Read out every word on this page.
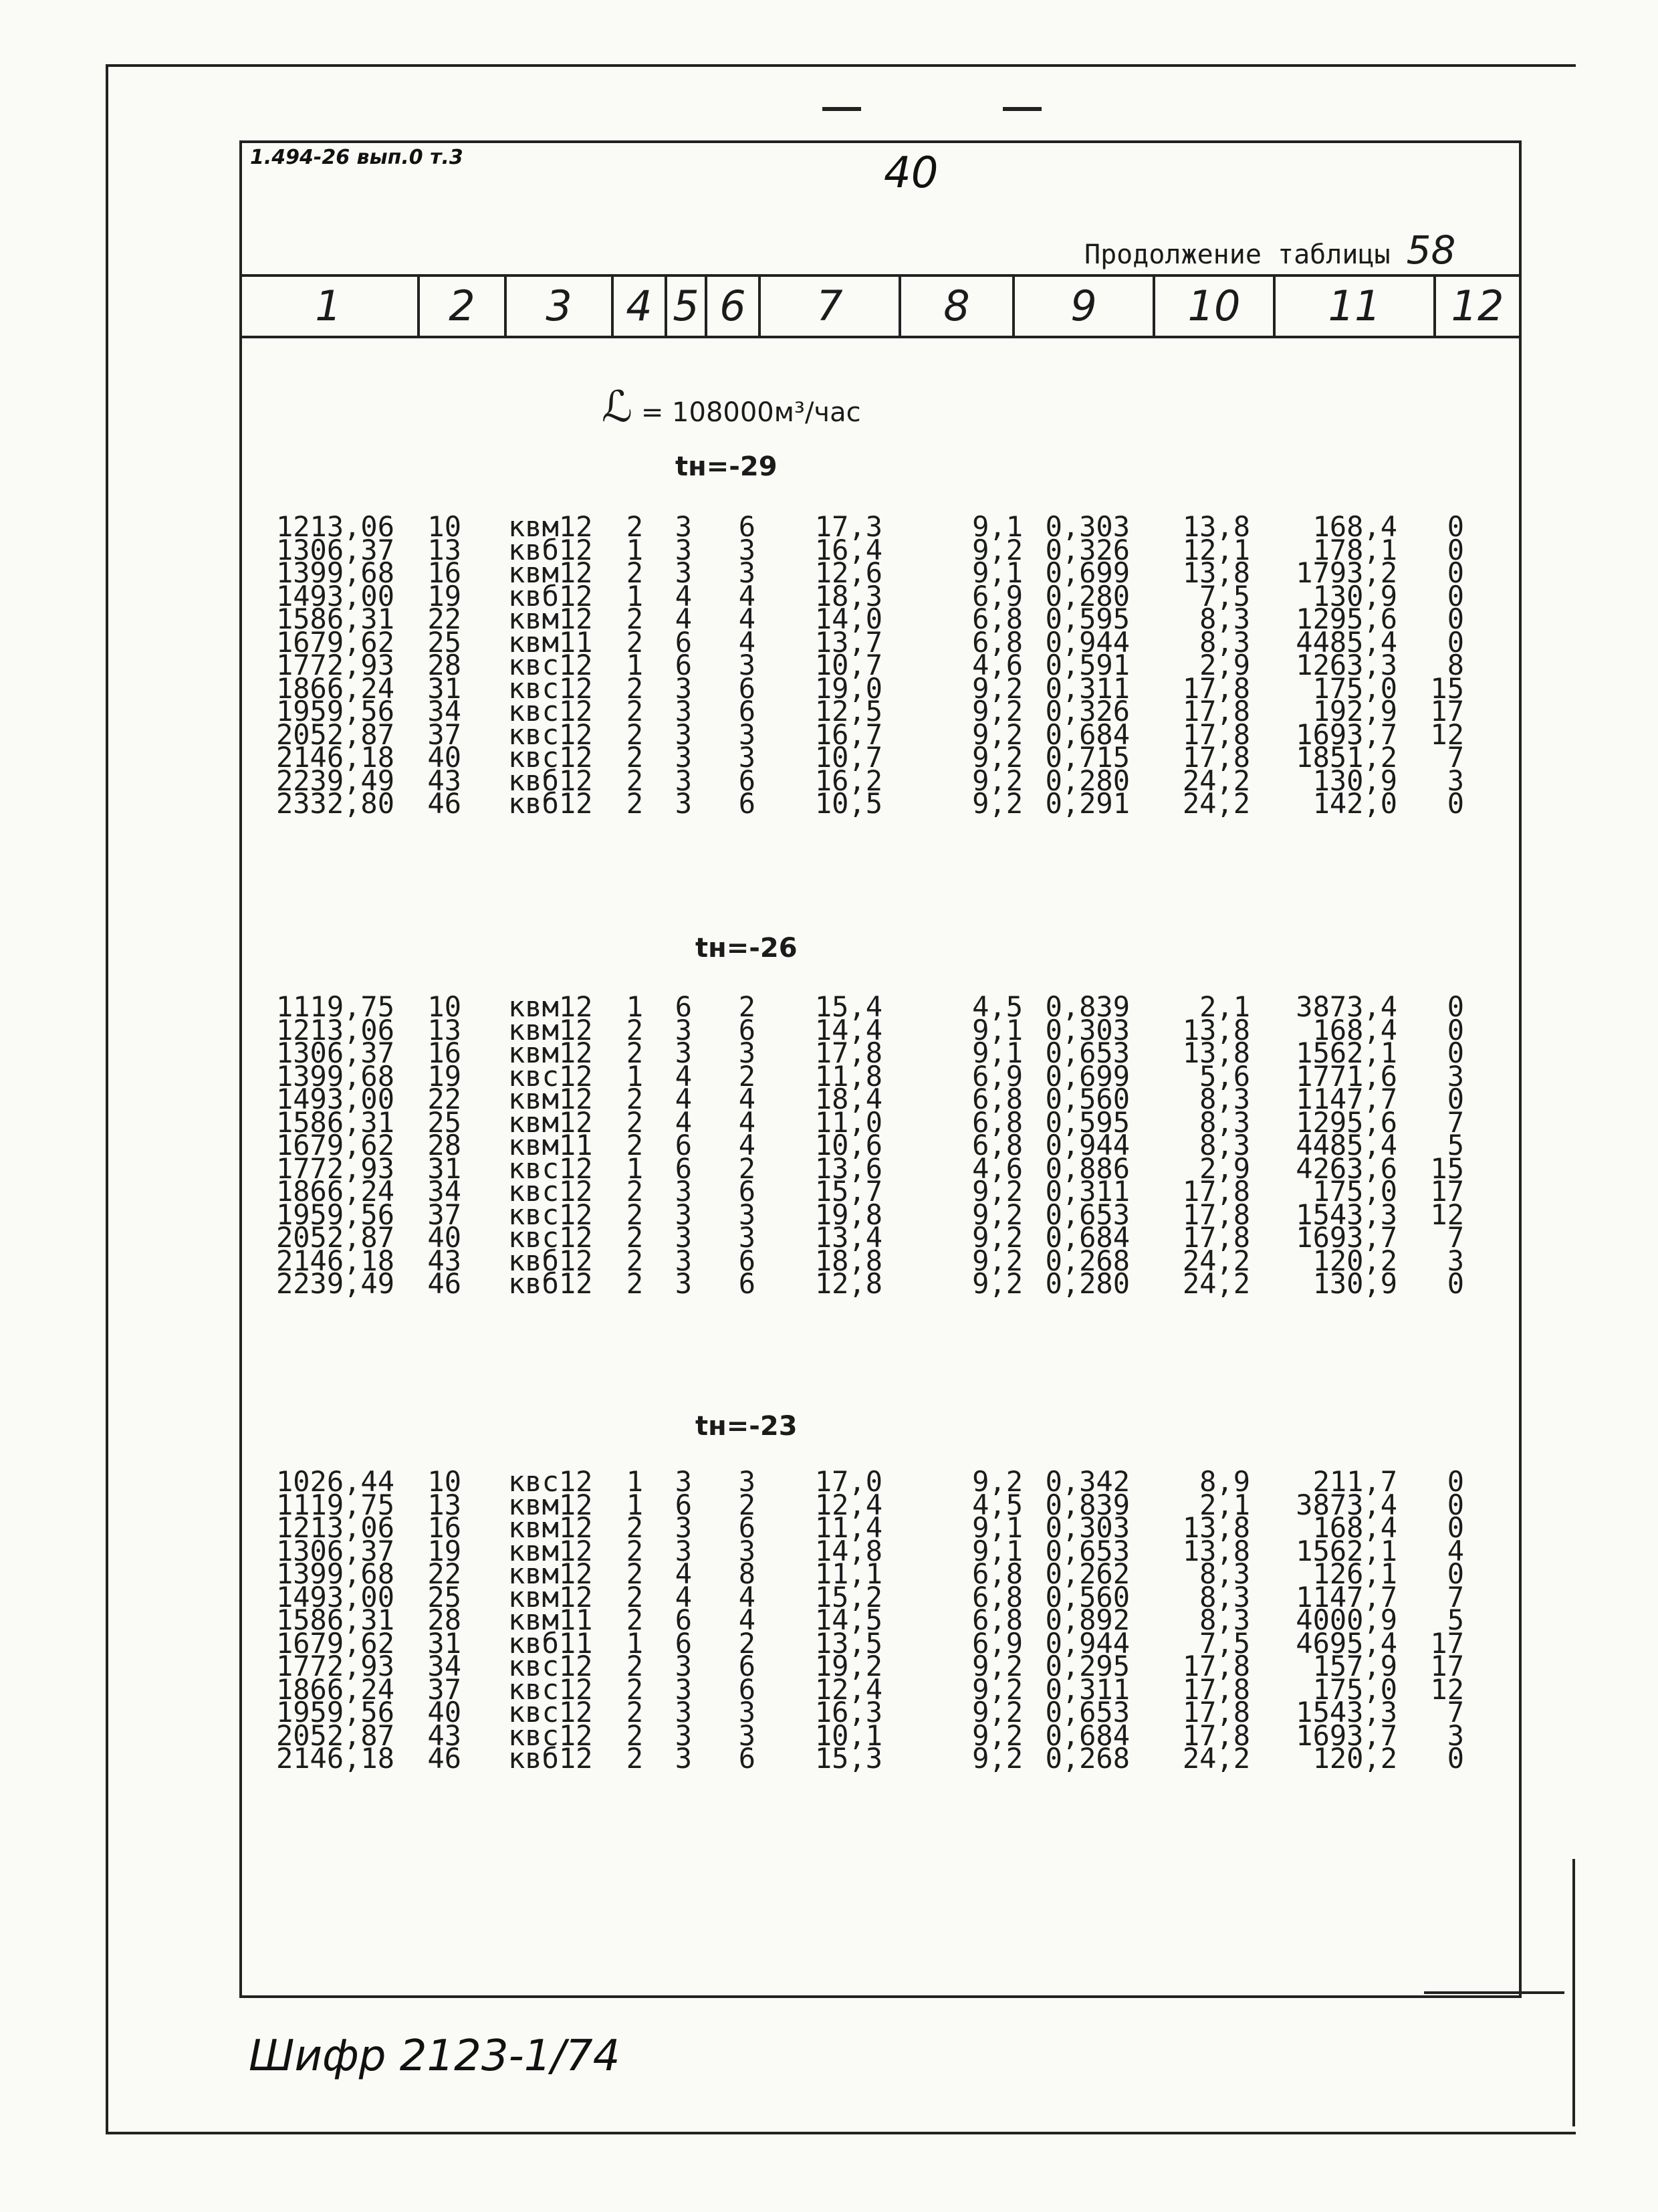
1.494-26 вып.0 т.3	40
Продолжение таблицы 58
1	2	3	4 5 6	7	8	9	10	11	12
ℒ = 108000м³/час
tн=-29
1213,06 10 квм12 2 3 6 17,3	9,1 0,303 13,8 168,4 0
1306,37 13 квб12 1 3 3 16,4	9,2 0,326 12,1 178,1 0
1399,68 16 квм12 2 3 3 12,6	9,1 0,699 13,8 1793,2 0
1493,00 19 квб12 1 4 4 18,3	6,9 0,280 7,5 130,9 0
1586,31 22 квм12 2 4 4 14,0	6,8 0,595 8,3 1295,6 0
1679,62 25 квм11 2 6 4 13,7	6,8 0,944 8,3 4485,4 0
1772,93 28 квс12 1 6 3 10,7	4,6 0,591 2,9 1263,3 8
1866,24 31 квс12 2 3 6 19,0	9,2 0,311 17,8 175,0 15
1959,56 34 квс12 2 3 6 12,5	9,2 0,326 17,8 192,9 17
2052,87 37 квс12 2 3 3 16,7	9,2 0,684 17,8 1693,7 12
2146,18 40 квс12 2 3 3 10,7	9,2 0,715 17,8 1851,2 7
2239,49 43 квб12 2 3 6 16,2	9,2 0,280 24,2 130,9 3
2332,80 46 квб12 2 3 6 10,5	9,2 0,291 24,2 142,0 0
tн=-26
1119,75 10 квм12 1 6 2 15,4	4,5 0,839 2,1 3873,4 0
1213,06 13 квм12 2 3 6 14,4	9,1 0,303 13,8 168,4 0
1306,37 16 квм12 2 3 3 17,8	9,1 0,653 13,8 1562,1 0
1399,68 19 квс12 1 4 2 11,8	6,9 0,699 5,6 1771,6 3
1493,00 22 квм12 2 4 4 18,4	6,8 0,560 8,3 1147,7 0
1586,31 25 квм12 2 4 4 11,0	6,8 0,595 8,3 1295,6 7
1679,62 28 квм11 2 6 4 10,6	6,8 0,944 8,3 4485,4 5
1772,93 31 квс12 1 6 2 13,6	4,6 0,886 2,9 4263,6 15
1866,24 34 квс12 2 3 6 15,7	9,2 0,311 17,8 175,0 17
1959,56 37 квс12 2 3 3 19,8	9,2 0,653 17,8 1543,3 12
2052,87 40 квс12 2 3 3 13,4	9,2 0,684 17,8 1693,7 7
2146,18 43 квб12 2 3 6 18,8	9,2 0,268 24,2 120,2 3
2239,49 46 квб12 2 3 6 12,8	9,2 0,280 24,2 130,9 0
tн=-23
1026,44 10 квс12 1 3 3 17,0	9,2 0,342 8,9 211,7 0
1119,75 13 квм12 1 6 2 12,4	4,5 0,839 2,1 3873,4 0
1213,06 16 квм12 2 3 6 11,4	9,1 0,303 13,8 168,4 0
1306,37 19 квм12 2 3 3 14,8	9,1 0,653 13,8 1562,1 4
1399,68 22 квм12 2 4 8 11,1	6,8 0,262 8,3 126,1 0
1493,00 25 квм12 2 4 4 15,2	6,8 0,560 8,3 1147,7 7
1586,31 28 квм11 2 6 4 14,5	6,8 0,892 8,3 4000,9 5
1679,62 31 квб11 1 6 2 13,5	6,9 0,944 7,5 4695,4 17
1772,93 34 квс12 2 3 6 19,2	9,2 0,295 17,8 157,9 17
1866,24 37 квс12 2 3 6 12,4	9,2 0,311 17,8 175,0 12
1959,56 40 квс12 2 3 3 16,3	9,2 0,653 17,8 1543,3 7
2052,87 43 квс12 2 3 3 10,1	9,2 0,684 17,8 1693,7 3
2146,18 46 квб12 2 3 6 15,3	9,2 0,268 24,2 120,2 0
Шифр 2123-1/74
